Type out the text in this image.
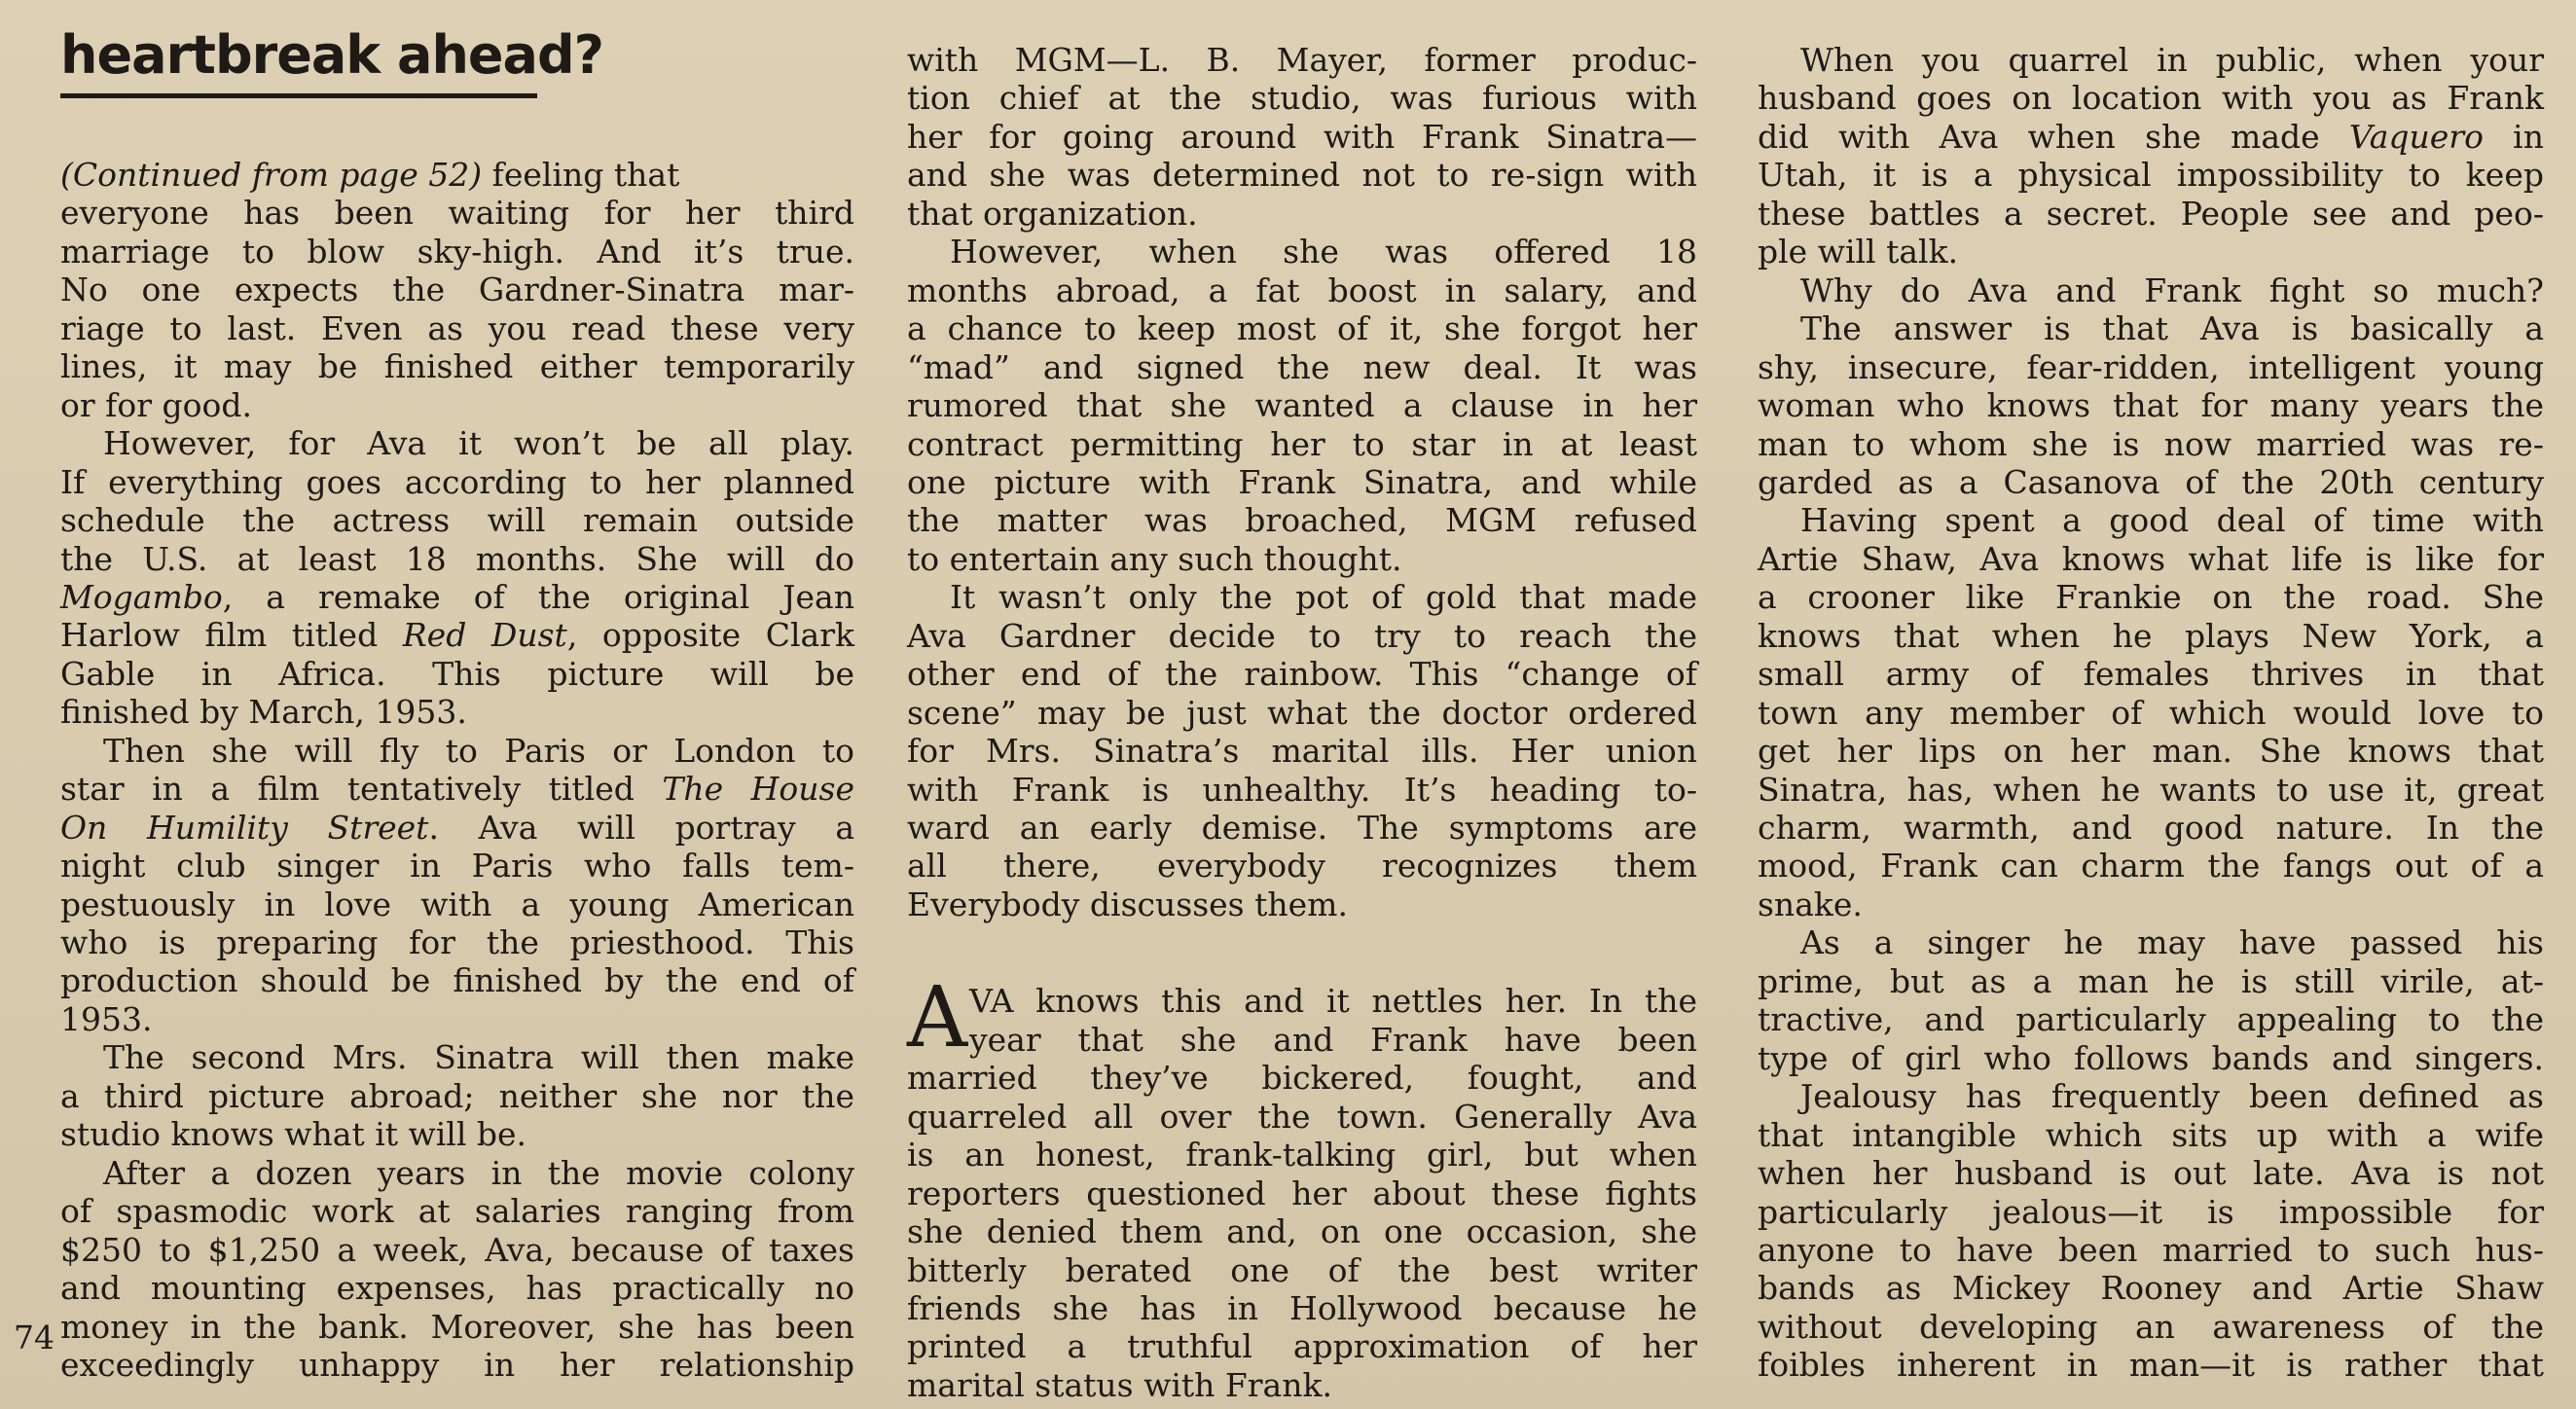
heartbreak ahead?
(Continued from page 52) feeling that
everyone has been waiting for her third
marriage to blow sky-high. And it’s true.
No one expects the Gardner-Sinatra mar-
riage to last. Even as you read these very
lines, it may be finished either temporarily
or for good.
However, for Ava it won’t be all play.
If everything goes according to her planned
schedule the actress will remain outside
the U.S. at least 18 months. She will do
Mogambo, a remake of the original Jean
Harlow film titled Red Dust, opposite Clark
Gable in Africa. This picture will be
finished by March, 1953.
Then she will fly to Paris or London to
star in a film tentatively titled The House
On Humility Street. Ava will portray a
night club singer in Paris who falls tem-
pestuously in love with a young American
who is preparing for the priesthood. This
production should be finished by the end of
1953.
The second Mrs. Sinatra will then make
a third picture abroad; neither she nor the
studio knows what it will be.
After a dozen years in the movie colony
of spasmodic work at salaries ranging from
$250 to $1,250 a week, Ava, because of taxes
and mounting expenses, has practically no
money in the bank. Moreover, she has been
exceedingly unhappy in her relationship
A
with MGM—L. B. Mayer, former produc-
tion chief at the studio, was furious with
her for going around with Frank Sinatra—
and she was determined not to re-sign with
that organization.
However, when she was offered 18
months abroad, a fat boost in salary, and
a chance to keep most of it, she forgot her
“mad” and signed the new deal. It was
rumored that she wanted a clause in her
contract permitting her to star in at least
one picture with Frank Sinatra, and while
the matter was broached, MGM refused
to entertain any such thought.
It wasn’t only the pot of gold that made
Ava Gardner decide to try to reach the
other end of the rainbow. This “change of
scene” may be just what the doctor ordered
for Mrs. Sinatra’s marital ills. Her union
with Frank is unhealthy. It’s heading to-
ward an early demise. The symptoms are
all there, everybody recognizes them
Everybody discusses them.
VA knows this and it nettles her. In the
year that she and Frank have been
married they’ve bickered, fought, and
quarreled all over the town. Generally Ava
is an honest, frank-talking girl, but when
reporters questioned her about these fights
she denied them and, on one occasion, she
bitterly berated one of the best writer
friends she has in Hollywood because he
printed a truthful approximation of her
marital status with Frank.
When you quarrel in public, when your
husband goes on location with you as Frank
did with Ava when she made Vaquero in
Utah, it is a physical impossibility to keep
these battles a secret. People see and peo-
ple will talk.
Why do Ava and Frank fight so much?
The answer is that Ava is basically a
shy, insecure, fear-ridden, intelligent young
woman who knows that for many years the
man to whom she is now married was re-
garded as a Casanova of the 20th century
Having spent a good deal of time with
Artie Shaw, Ava knows what life is like for
a crooner like Frankie on the road. She
knows that when he plays New York, a
small army of females thrives in that
town any member of which would love to
get her lips on her man. She knows that
Sinatra, has, when he wants to use it, great
charm, warmth, and good nature. In the
mood, Frank can charm the fangs out of a
snake.
As a singer he may have passed his
prime, but as a man he is still virile, at-
tractive, and particularly appealing to the
type of girl who follows bands and singers.
Jealousy has frequently been defined as
that intangible which sits up with a wife
when her husband is out late. Ava is not
particularly jealous—it is impossible for
anyone to have been married to such hus-
bands as Mickey Rooney and Artie Shaw
without developing an awareness of the
foibles inherent in man—it is rather that
74
